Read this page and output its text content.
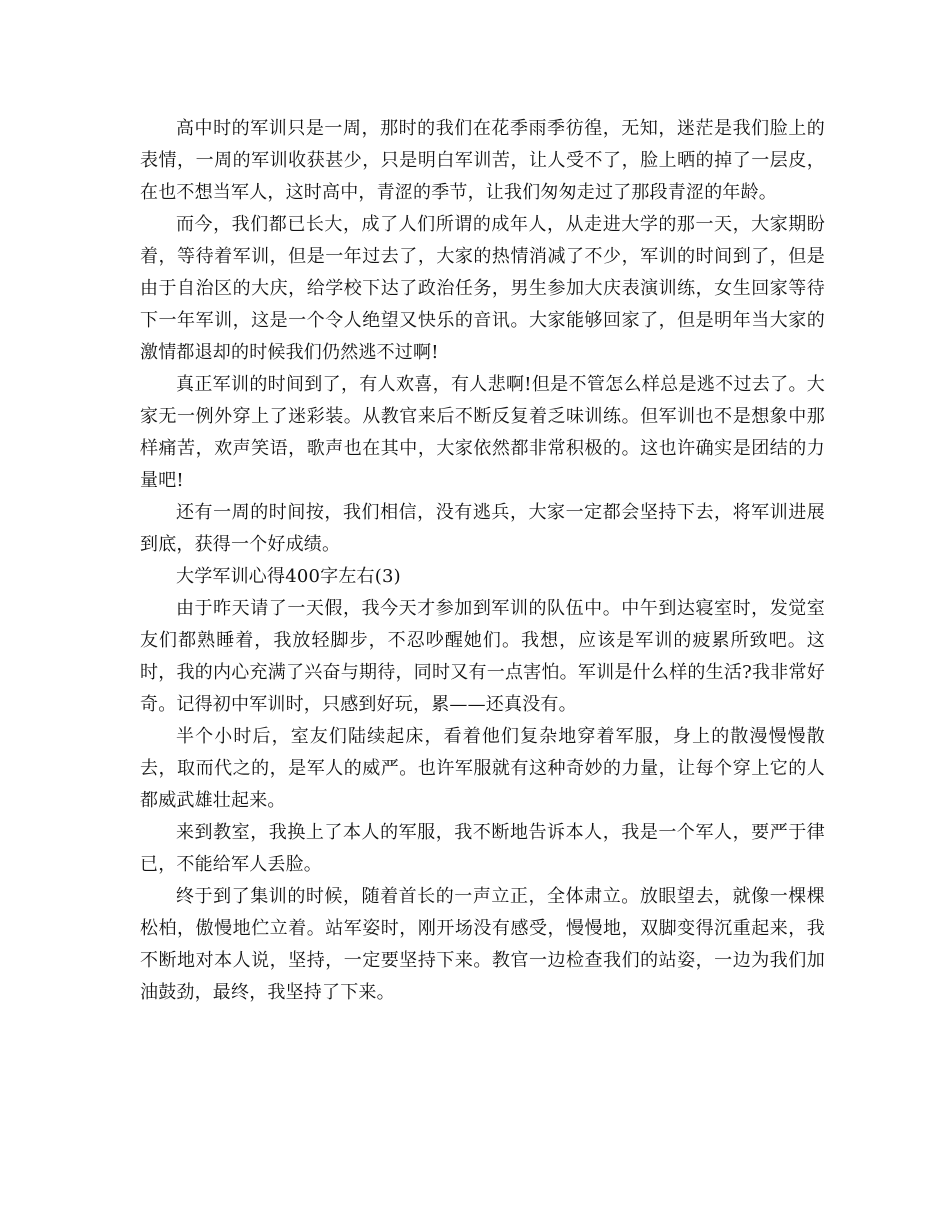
高中时的军训只是一周，那时的我们在花季雨季彷徨，无知，迷茫是我们脸上的表情，一周的军训收获甚少，只是明白军训苦，让人受不了，脸上晒的掉了一层皮，在也不想当军人，这时高中，青涩的季节，让我们匆匆走过了那段青涩的年龄。

而今，我们都已长大，成了人们所谓的成年人，从走进大学的那一天，大家期盼着，等待着军训，但是一年过去了，大家的热情消减了不少，军训的时间到了，但是由于自治区的大庆，给学校下达了政治任务，男生参加大庆表演训练，女生回家等待下一年军训，这是一个令人绝望又快乐的音讯。大家能够回家了，但是明年当大家的激情都退却的时候我们仍然逃不过啊!

真正军训的时间到了，有人欢喜，有人悲啊!但是不管怎么样总是逃不过去了。大家无一例外穿上了迷彩装。从教官来后不断反复着乏味训练。但军训也不是想象中那样痛苦，欢声笑语，歌声也在其中，大家依然都非常积极的。这也许确实是团结的力量吧!

还有一周的时间按，我们相信，没有逃兵，大家一定都会坚持下去，将军训进展到底，获得一个好成绩。

大学军训心得400字左右(3)

由于昨天请了一天假，我今天才参加到军训的队伍中。中午到达寝室时，发觉室友们都熟睡着，我放轻脚步，不忍吵醒她们。我想，应该是军训的疲累所致吧。这时，我的内心充满了兴奋与期待，同时又有一点害怕。军训是什么样的生活?我非常好奇。记得初中军训时，只感到好玩，累——还真没有。

半个小时后，室友们陆续起床，看着他们复杂地穿着军服，身上的散漫慢慢散去，取而代之的，是军人的威严。也许军服就有这种奇妙的力量，让每个穿上它的人都威武雄壮起来。

来到教室，我换上了本人的军服，我不断地告诉本人，我是一个军人，要严于律已，不能给军人丢脸。

终于到了集训的时候，随着首长的一声立正，全体肃立。放眼望去，就像一棵棵松柏，傲慢地伫立着。站军姿时，刚开场没有感受，慢慢地，双脚变得沉重起来，我不断地对本人说，坚持，一定要坚持下来。教官一边检查我们的站姿，一边为我们加油鼓劲，最终，我坚持了下来。
